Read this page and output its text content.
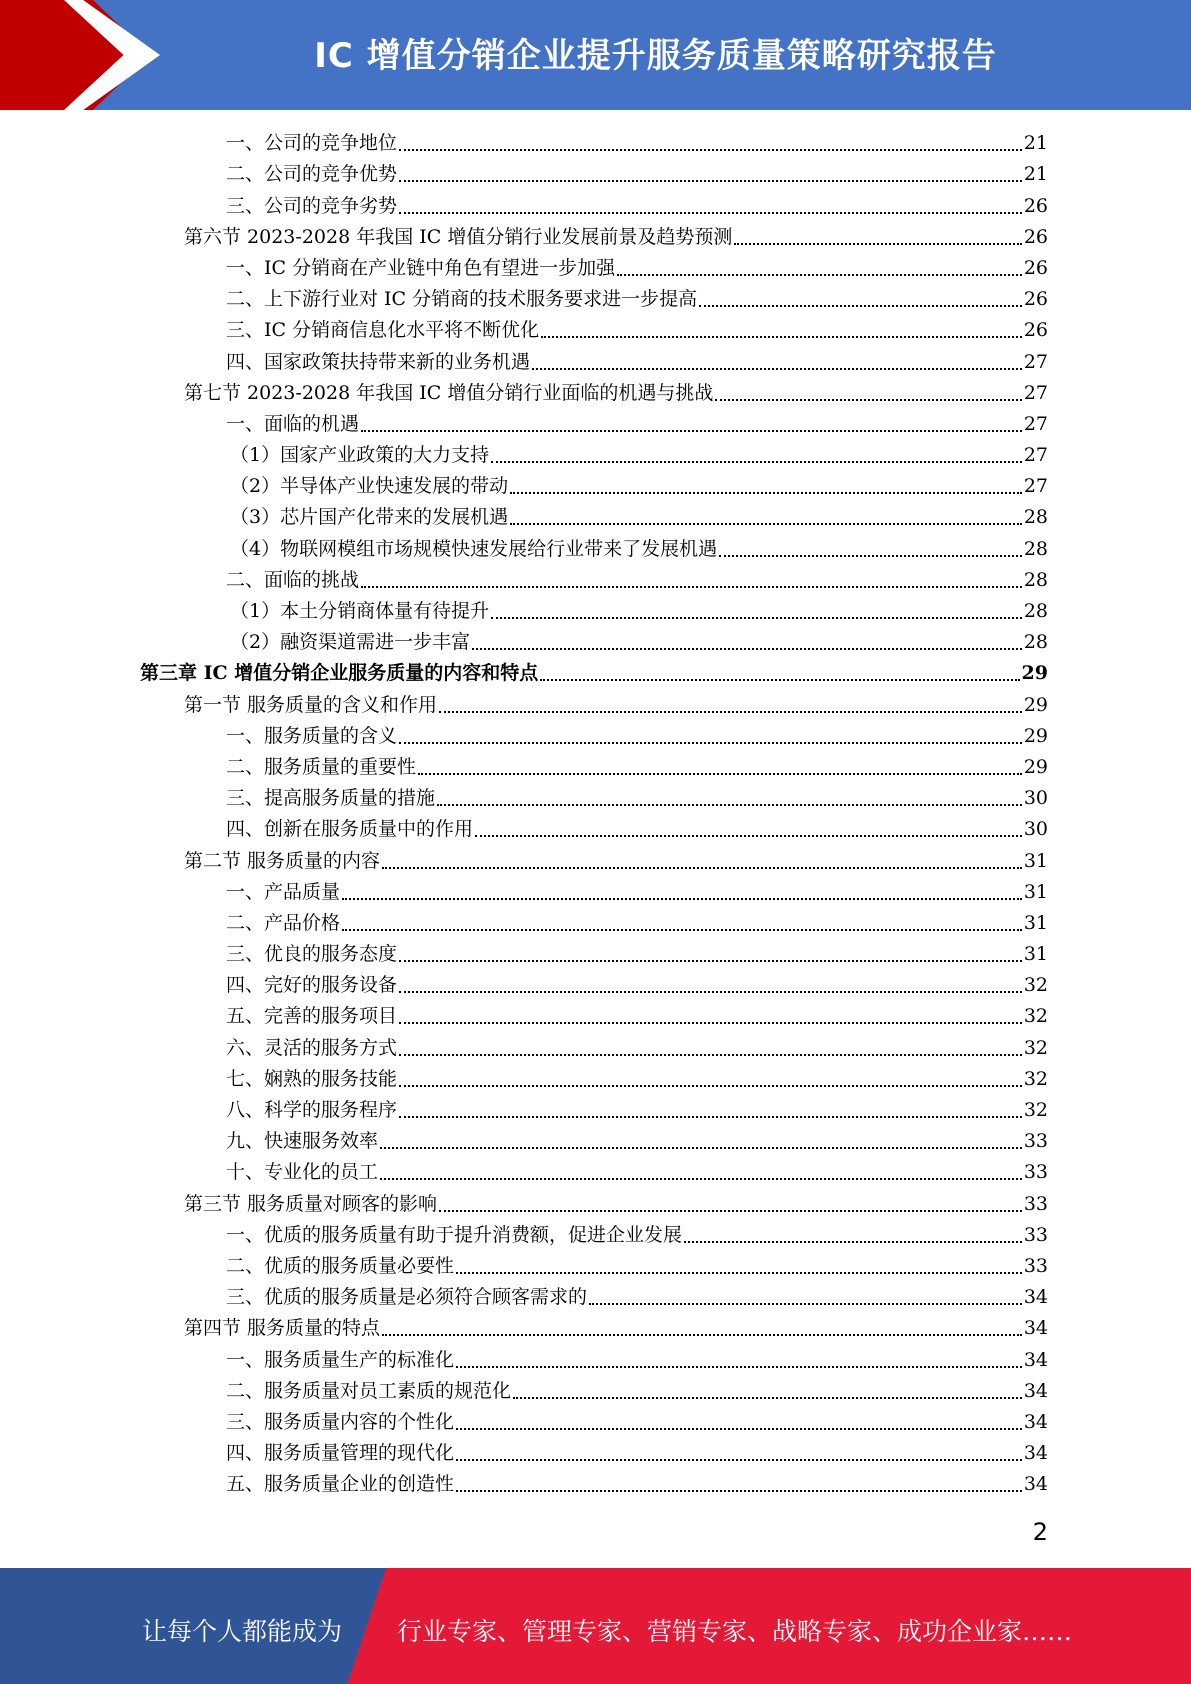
IC 增值分销企业提升服务质量策略研究报告
一、公司的竞争地位	21
二、公司的竞争优势	21
三、公司的竞争劣势	26
第六节 2023-2028 年我国 IC 增值分销行业发展前景及趋势预测	26
一、IC 分销商在产业链中角色有望进一步加强	26
二、上下游行业对 IC 分销商的技术服务要求进一步提高	26
三、IC 分销商信息化水平将不断优化	26
四、国家政策扶持带来新的业务机遇	27
第七节 2023-2028 年我国 IC 增值分销行业面临的机遇与挑战	27
一、面临的机遇	27
（1）国家产业政策的大力支持	27
（2）半导体产业快速发展的带动	27
（3）芯片国产化带来的发展机遇	28
（4）物联网模组市场规模快速发展给行业带来了发展机遇	28
二、面临的挑战	28
（1）本土分销商体量有待提升	28
（2）融资渠道需进一步丰富	28
第三章 IC 增值分销企业服务质量的内容和特点	29
第一节 服务质量的含义和作用	29
一、服务质量的含义	29
二、服务质量的重要性	29
三、提高服务质量的措施	30
四、创新在服务质量中的作用	30
第二节 服务质量的内容	31
一、产品质量	31
二、产品价格	31
三、优良的服务态度	31
四、完好的服务设备	32
五、完善的服务项目	32
六、灵活的服务方式	32
七、娴熟的服务技能	32
八、科学的服务程序	32
九、快速服务效率	33
十、专业化的员工	33
第三节 服务质量对顾客的影响	33
一、优质的服务质量有助于提升消费额，促进企业发展	33
二、优质的服务质量必要性	33
三、优质的服务质量是必须符合顾客需求的	34
第四节 服务质量的特点	34
一、服务质量生产的标准化	34
二、服务质量对员工素质的规范化	34
三、服务质量内容的个性化	34
四、服务质量管理的现代化	34
五、服务质量企业的创造性	34
2
让每个人都能成为 行业专家、管理专家、营销专家、战略专家、成功企业家……
